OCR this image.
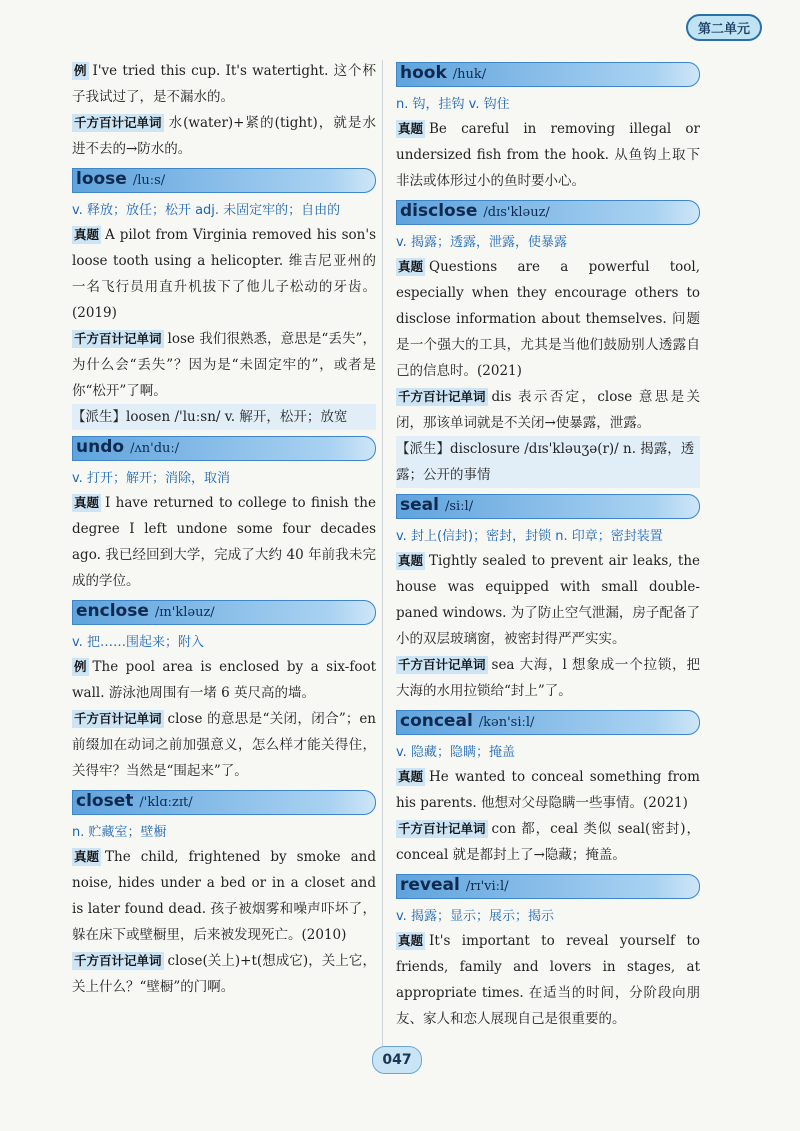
第二单元

例 I've tried this cup. It's watertight. 这个杯子我试过了，是不漏水的。

千方百计记单词 水(water)+紧的(tight)，就是水进不去的→防水的。

loose /luːs/
v. 释放；放任；松开 adj. 未固定牢的；自由的

真题 A pilot from Virginia removed his son's loose tooth using a helicopter. 维吉尼亚州的一名飞行员用直升机拔下了他儿子松动的牙齿。(2019)

千方百计记单词 lose 我们很熟悉，意思是“丢失”，为什么会“丢失”？因为是“未固定牢的”，或者是你“松开”了啊。

【派生】loosen /'luːsn/ v. 解开，松开；放宽

undo /ʌn'duː/
v. 打开；解开；消除，取消

真题 I have returned to college to finish the degree I left undone some four decades ago. 我已经回到大学，完成了大约 40 年前我未完成的学位。

enclose /ɪn'kləuz/
v. 把……围起来；附入

例 The pool area is enclosed by a six-foot wall. 游泳池周围有一堵 6 英尺高的墙。

千方百计记单词 close 的意思是“关闭，闭合”；en 前缀加在动词之前加强意义，怎么样才能关得住，关得牢？当然是“围起来”了。

closet /'klɑːzɪt/
n. 贮藏室；壁橱

真题 The child, frightened by smoke and noise, hides under a bed or in a closet and is later found dead. 孩子被烟雾和噪声吓坏了，躲在床下或壁橱里，后来被发现死亡。(2010)

千方百计记单词 close(关上)+t(想成它)，关上它，关上什么？“壁橱”的门啊。

hook /huk/
n. 钩，挂钩 v. 钩住

真题 Be careful in removing illegal or undersized fish from the hook. 从鱼钩上取下非法或体形过小的鱼时要小心。

disclose /dɪs'kləuz/
v. 揭露；透露，泄露，使暴露

真题 Questions are a powerful tool, especially when they encourage others to disclose information about themselves. 问题是一个强大的工具，尤其是当他们鼓励别人透露自己的信息时。(2021)

千方百计记单词 dis 表示否定，close 意思是关闭，那该单词就是不关闭→使暴露，泄露。

【派生】disclosure /dɪs'kləuʒə(r)/ n. 揭露，透露；公开的事情

seal /siːl/
v. 封上(信封)；密封，封锁 n. 印章；密封装置

真题 Tightly sealed to prevent air leaks, the house was equipped with small double-paned windows. 为了防止空气泄漏，房子配备了小的双层玻璃窗，被密封得严严实实。

千方百计记单词 sea 大海，l 想象成一个拉锁，把大海的水用拉锁给“封上”了。

conceal /kən'siːl/
v. 隐藏；隐瞒；掩盖

真题 He wanted to conceal something from his parents. 他想对父母隐瞒一些事情。(2021)

千方百计记单词 con 都，ceal 类似 seal(密封)，conceal 就是都封上了→隐藏；掩盖。

reveal /rɪ'viːl/
v. 揭露；显示；展示；揭示

真题 It's important to reveal yourself to friends, family and lovers in stages, at appropriate times. 在适当的时间，分阶段向朋友、家人和恋人展现自己是很重要的。

047
